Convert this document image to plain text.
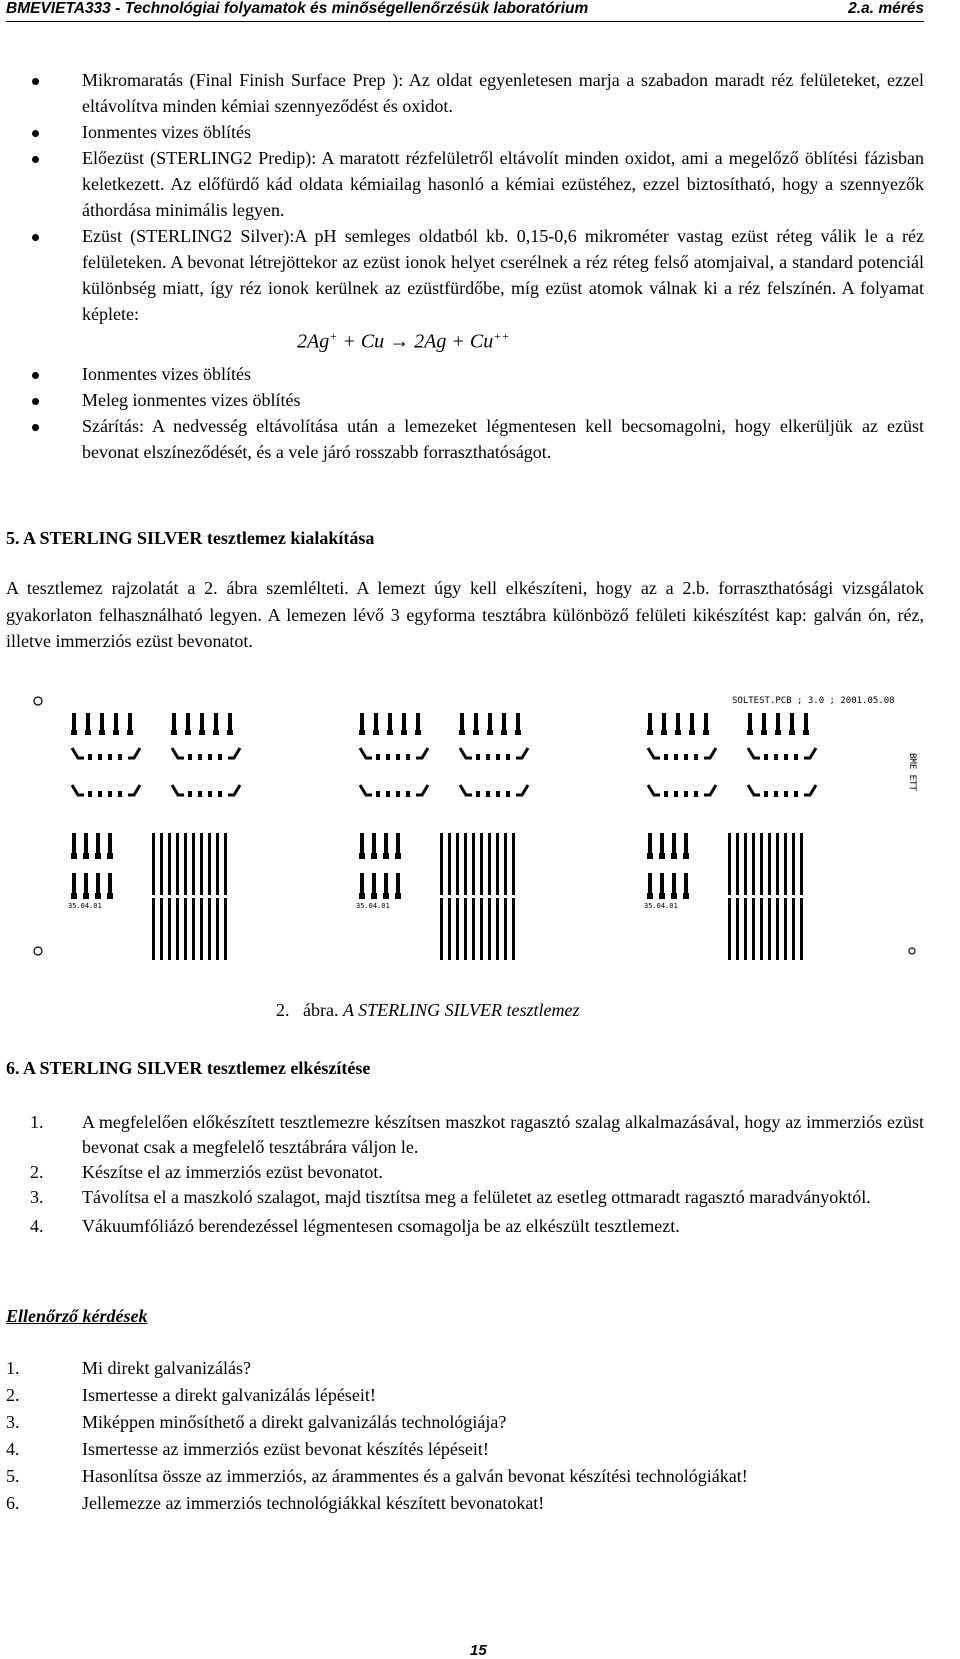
BMEVIETA333 - Technológiai folyamatok és minőségellenőrzésük laboratórium	2.a. mérés
Mikromaratás (Final Finish Surface Prep ): Az oldat egyenletesen marja a szabadon maradt réz felületeket, ezzel eltávolítva minden kémiai szennyeződést és oxidot.
Ionmentes vizes öblítés
Előezüst (STERLING2 Predip): A maratott rézfelületről eltávolít minden oxidot, ami a megelőző öblítési fázisban keletkezett. Az előfürdő kád oldata kémiailag hasonló a kémiai ezüstéhez, ezzel biztosítható, hogy a szennyezők áthordása minimális legyen.
Ezüst (STERLING2 Silver):A pH semleges oldatból kb. 0,15-0,6 mikrométer vastag ezüst réteg válik le a réz felületeken. A bevonat létrejöttekor az ezüst ionok helyet cserélnek a réz réteg felső atomjaival, a standard potenciál különbség miatt, így réz ionok kerülnek az ezüstfürdőbe, míg ezüst atomok válnak ki a réz felszínén. A folyamat képlete:
2Ag+ + Cu → 2Ag + Cu++
Ionmentes vizes öblítés
Meleg ionmentes vizes öblítés
Szárítás: A nedvesség eltávolítása után a lemezeket légmentesen kell becsomagolni, hogy elkerüljük az ezüst bevonat elszíneződését, és a vele járó rosszabb forraszthatóságot.
5. A STERLING SILVER tesztlemez kialakítása
A tesztlemez rajzolatát a 2. ábra szemlélteti. A lemezt úgy kell elkészíteni, hogy az a 2.b. forraszthatósági vizsgálatok gyakorlaton felhasználható legyen. A lemezen lévő 3 egyforma tesztábra különböző felületi kikészítést kap: galván ón, réz, illetve immerziós ezüst bevonatot.
SOLTEST.PCB ; 3.0 ; 2001.05.08
BME ETT
35.04.01	35.04.01	35.04.01
2. ábra. A STERLING SILVER tesztlemez
6. A STERLING SILVER tesztlemez elkészítése
1. A megfelelően előkészített tesztlemezre készítsen maszkot ragasztó szalag alkalmazásával, hogy az immerziós ezüst bevonat csak a megfelelő tesztábrára váljon le.
2. Készítse el az immerziós ezüst bevonatot.
3. Távolítsa el a maszkoló szalagot, majd tisztítsa meg a felületet az esetleg ottmaradt ragasztó maradványoktól.
4. Vákuumfóliázó berendezéssel légmentesen csomagolja be az elkészült tesztlemezt.
Ellenőrző kérdések
1.	Mi direkt galvanizálás?
2.	Ismertesse a direkt galvanizálás lépéseit!
3.	Miképpen minősíthető a direkt galvanizálás technológiája?
4.	Ismertesse az immerziós ezüst bevonat készítés lépéseit!
5.	Hasonlítsa össze az immerziós, az árammentes és a galván bevonat készítési technológiákat!
6.	Jellemezze az immerziós technológiákkal készített bevonatokat!
15
